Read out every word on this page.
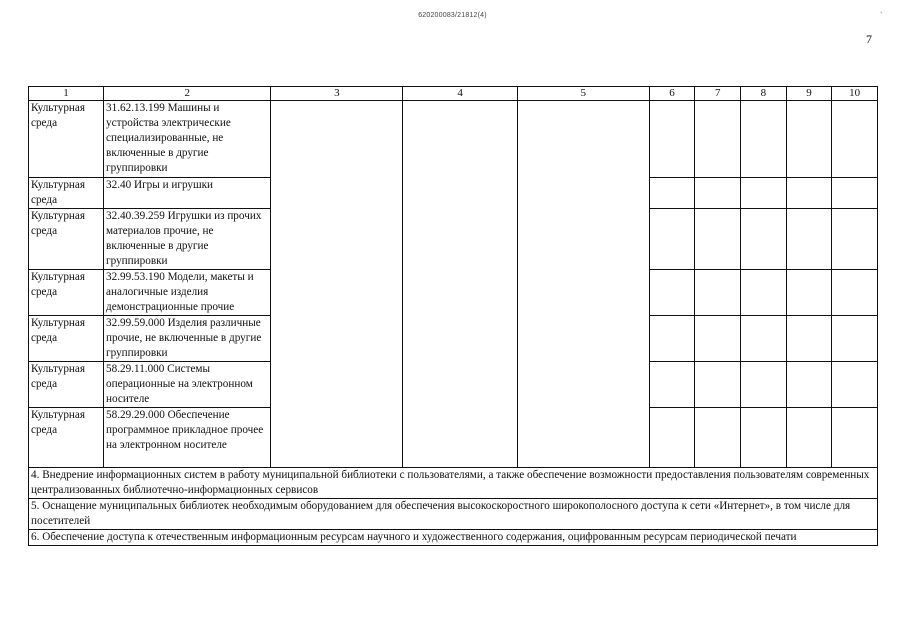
620200083/21812(4)	`
7
1	2	3	4	5	6	7	8	9	10
Культурная среда	31.62.13.199 Машины и устройства электрические специализированные, не включенные в другие группировки								
Культурная среда	32.40 Игры и игрушки								
Культурная среда	32.40.39.259 Игрушки из прочих материалов прочие, не включенные в другие группировки								
Культурная среда	32.99.53.190 Модели, макеты и аналогичные изделия демонстрационные прочие								
Культурная среда	32.99.59.000 Изделия различные прочие, не включенные в другие группировки								
Культурная среда	58.29.11.000 Системы операционные на электронном носителе								
Культурная среда	58.29.29.000 Обеспечение программное прикладное прочее на электронном носителе								
4. Внедрение информационных систем в работу муниципальной библиотеки с пользователями, а также обеспечение возможности предоставления пользователям современных централизованных библиотечно-информационных сервисов									
5. Оснащение муниципальных библиотек необходимым оборудованием для обеспечения высокоскоростного широкополосного доступа к сети «Интернет», в том числе для посетителей									
6. Обеспечение доступа к отечественным информационным ресурсам научного и художественного содержания, оцифрованным ресурсам периодической печати									
